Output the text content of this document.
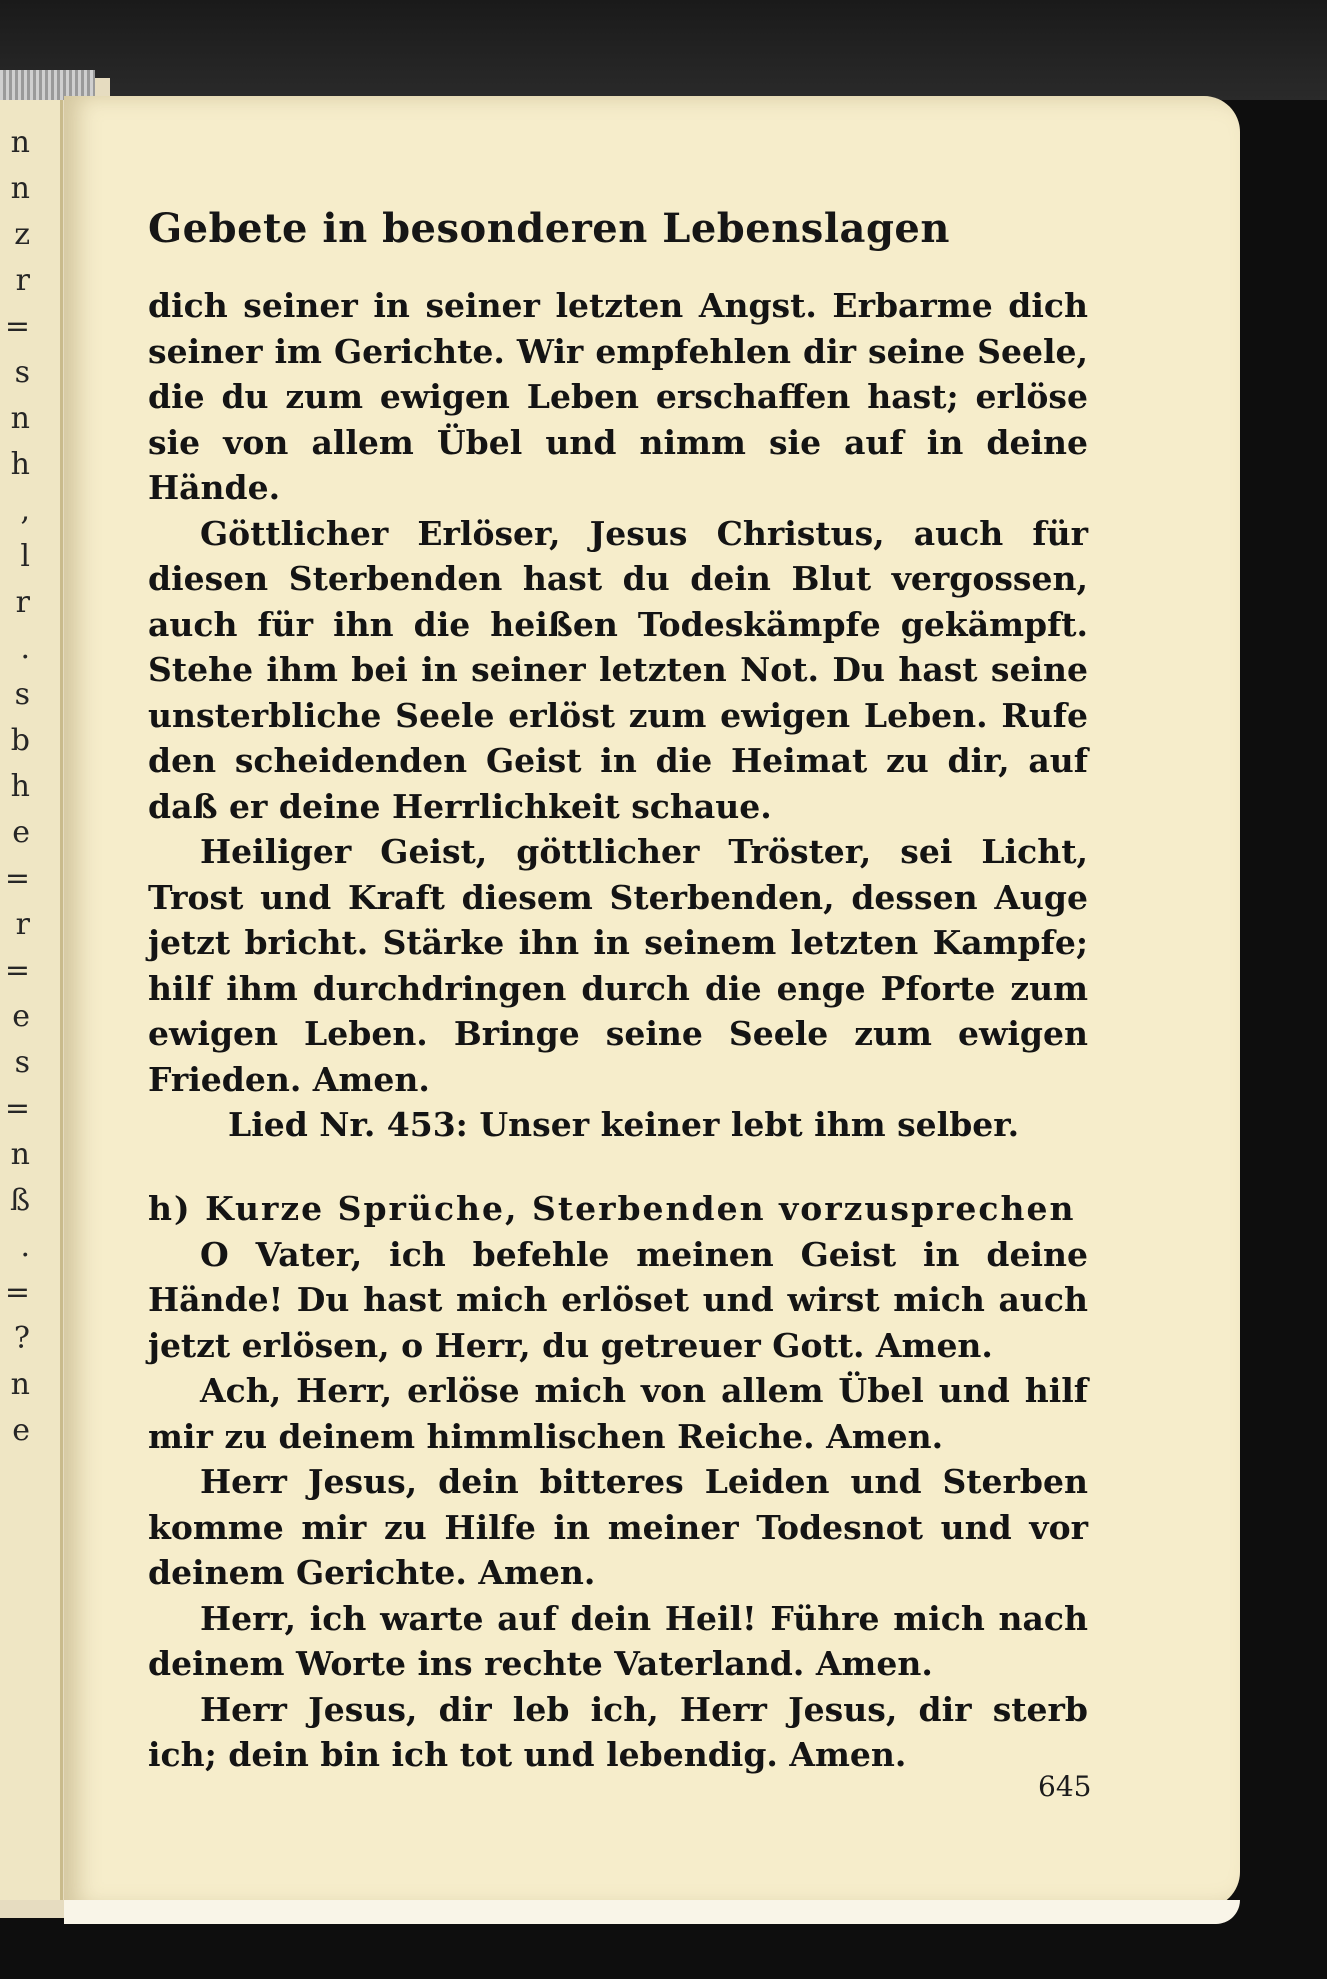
n
n
z
r
=
s
n
h
,
l
r
.
s
b
h
e
=
r
=
e
s
=
n
ß
.
=
?
n
e
Gebete in besonderen Lebenslagen

dich seiner in seiner letzten Angst. Erbarme dich seiner im Gerichte. Wir empfehlen dir seine Seele, die du zum ewigen Leben erschaffen hast; erlöse sie von allem Übel und nimm sie auf in deine Hände.

Göttlicher Erlöser, Jesus Christus, auch für diesen Sterbenden hast du dein Blut vergossen, auch für ihn die heißen Todeskämpfe gekämpft. Stehe ihm bei in seiner letzten Not. Du hast seine unsterbliche Seele erlöst zum ewigen Leben. Rufe den scheidenden Geist in die Heimat zu dir, auf daß er deine Herrlichkeit schaue.

Heiliger Geist, göttlicher Tröster, sei Licht, Trost und Kraft diesem Sterbenden, dessen Auge jetzt bricht. Stärke ihn in seinem letzten Kampfe; hilf ihm durchdringen durch die enge Pforte zum ewigen Leben. Bringe seine Seele zum ewigen Frieden. Amen.

Lied Nr. 453: Unser keiner lebt ihm selber.

h) Kurze Sprüche, Sterbenden vorzusprechen

O Vater, ich befehle meinen Geist in deine Hände! Du hast mich erlöset und wirst mich auch jetzt erlösen, o Herr, du getreuer Gott. Amen.

Ach, Herr, erlöse mich von allem Übel und hilf mir zu deinem himmlischen Reiche. Amen.

Herr Jesus, dein bitteres Leiden und Sterben komme mir zu Hilfe in meiner Todesnot und vor deinem Gerichte. Amen.

Herr, ich warte auf dein Heil! Führe mich nach deinem Worte ins rechte Vaterland. Amen.

Herr Jesus, dir leb ich, Herr Jesus, dir sterb ich; dein bin ich tot und lebendig. Amen.

645
